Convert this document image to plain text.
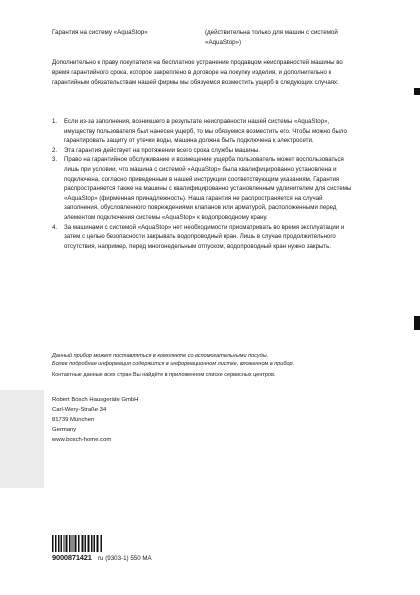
Гарантия на систему «AquaStop»	(действительна только для машин с системой «AquaStop»)
Дополнительно к праву покупателя на бесплатное устранение продавцом неисправностей машины во время гарантийного срока, которое закреплено в договоре на покупку изделия, и дополнительно к гарантийным обязательствам нашей фирмы мы обязуемся возместить ущерб в следующих случаях:
1. Если из-за заполнения, возникшего в результате неисправности нашей системы «AquaStop», имуществу пользователя был нанесен ущерб, то мы обязуемся возместить его. Чтобы можно было гарантировать защиту от утечки воды, машина должна быть подключена к электросети.
2. Эта гарантия действует на протяжении всего срока службы машины.
3. Право на гарантийное обслуживание и возмещение ущерба пользователь может воспользоваться лишь при условии, что машина с системой «AquaStop» была квалифицированно установлена и подключена, согласно приведенным в нашей инструкции соответствующим указаниям. Гарантия распространяется также на машины с квалифицированно установленным удлинителем для системы «AquaStop» (фирменная принадлежность). Наша гарантия не распространяется на случай заполнения, обусловленного повреждениями клапанов или арматурой, расположенными перед элементом подключения системы «AquaStop» к водопроводному крану.
4. За машинами с системой «AquaStop» нет необходимости присматривать во время эксплуатации и затем с целью безопасности закрывать водопроводный кран. Лишь в случае продолжительного отсутствия, например, перед многонедельным отпуском, водопроводный кран нужно закрыть.
Данный прибор может поставляться в комплекте со вспомогательными посуды.
Более подробная информация содержится в информационном листке, вложенном в прибор.
Контактные данные всех стран Вы найдёте в приложенном списке сервисных центров.
Robert Bosch Hausgeräte GmbH
Carl-Wery-Straße 34
81739 München
Germany
www.bosch-home.com
9000871421 ru (9303-1) 550 MA
